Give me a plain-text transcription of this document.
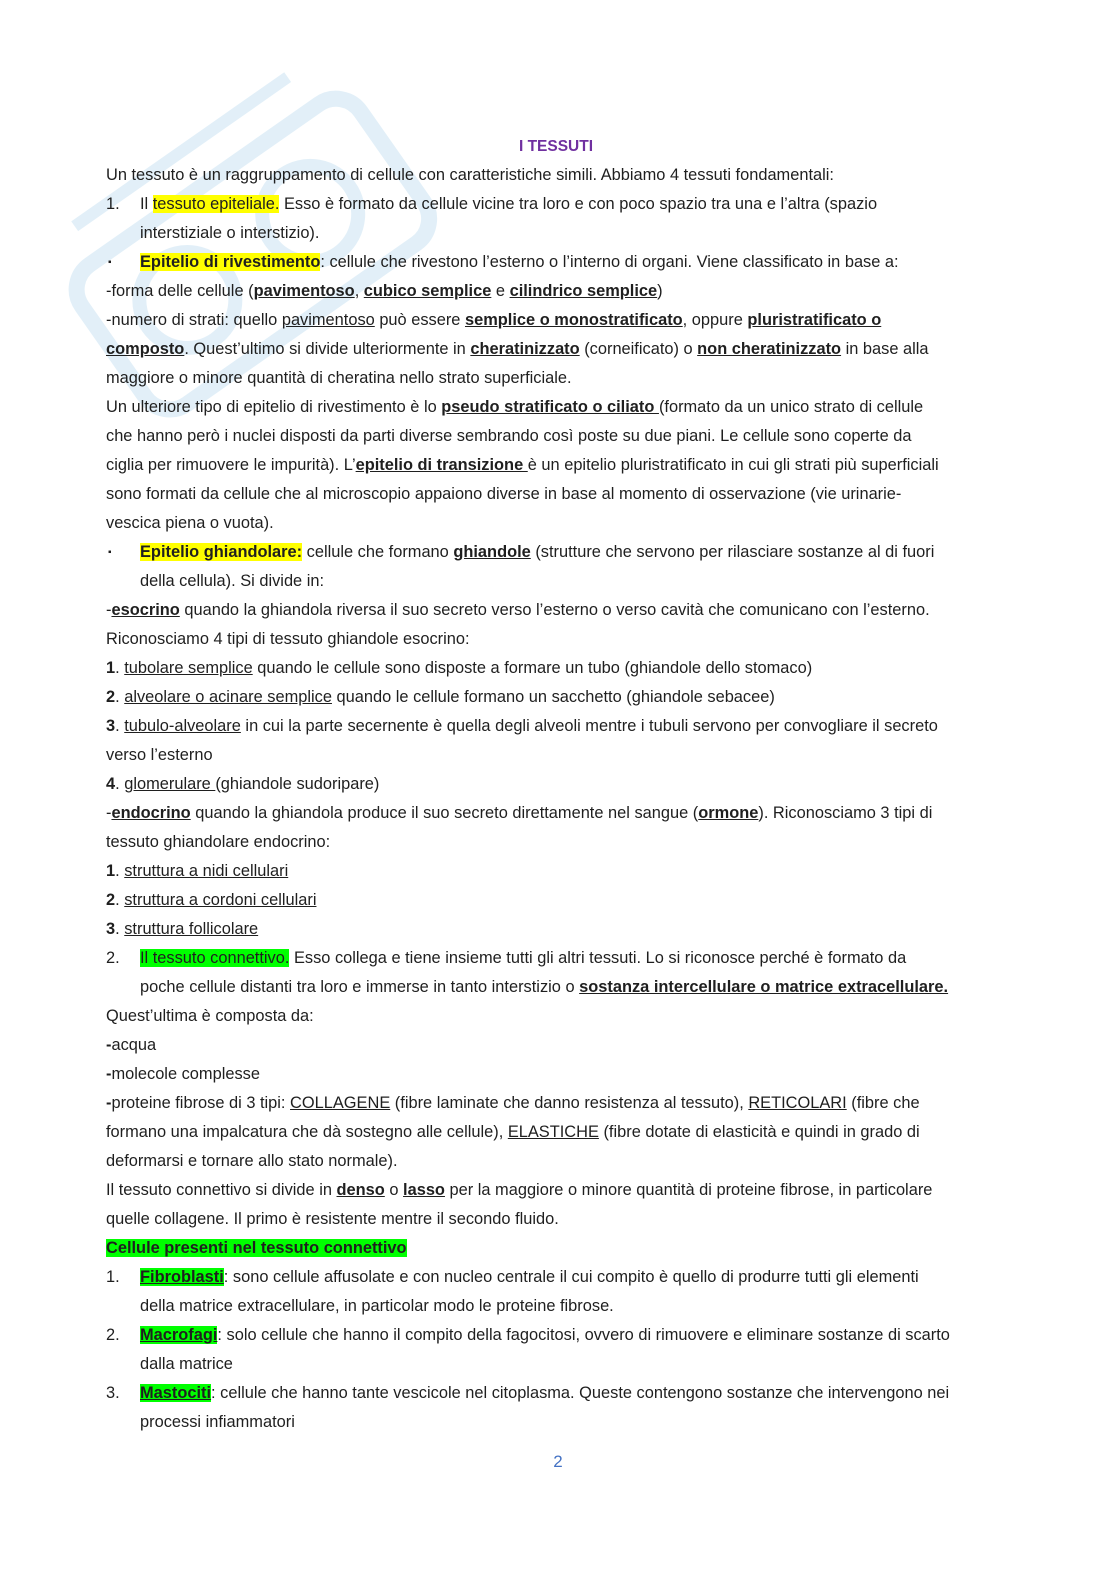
I TESSUTI
Un tessuto è un raggruppamento di cellule con caratteristiche simili. Abbiamo 4 tessuti fondamentali:
1. Il tessuto epiteliale. Esso è formato da cellule vicine tra loro e con poco spazio tra una e l’altra (spazio
interstiziale o interstizio).
▪ Epitelio di rivestimento: cellule che rivestono l’esterno o l’interno di organi. Viene classificato in base a:
-forma delle cellule (pavimentoso, cubico semplice e cilindrico semplice)
-numero di strati: quello pavimentoso può essere semplice o monostratificato, oppure pluristratificato o
composto. Quest’ultimo si divide ulteriormente in cheratinizzato (corneificato) o non cheratinizzato in base alla
maggiore o minore quantità di cheratina nello strato superficiale.
Un ulteriore tipo di epitelio di rivestimento è lo pseudo stratificato o ciliato (formato da un unico strato di cellule
che hanno però i nuclei disposti da parti diverse sembrando così poste su due piani. Le cellule sono coperte da
ciglia per rimuovere le impurità). L’epitelio di transizione è un epitelio pluristratificato in cui gli strati più superficiali
sono formati da cellule che al microscopio appaiono diverse in base al momento di osservazione (vie urinarie-
vescica piena o vuota).
▪ Epitelio ghiandolare: cellule che formano ghiandole (strutture che servono per rilasciare sostanze al di fuori
della cellula). Si divide in:
-esocrino quando la ghiandola riversa il suo secreto verso l’esterno o verso cavità che comunicano con l’esterno.
Riconosciamo 4 tipi di tessuto ghiandole esocrino:
1. tubolare semplice quando le cellule sono disposte a formare un tubo (ghiandole dello stomaco)
2. alveolare o acinare semplice quando le cellule formano un sacchetto (ghiandole sebacee)
3. tubulo-alveolare in cui la parte secernente è quella degli alveoli mentre i tubuli servono per convogliare il secreto
verso l’esterno
4. glomerulare (ghiandole sudoripare)
-endocrino quando la ghiandola produce il suo secreto direttamente nel sangue (ormone). Riconosciamo 3 tipi di
tessuto ghiandolare endocrino:
1. struttura a nidi cellulari
2. struttura a cordoni cellulari
3. struttura follicolare
2. Il tessuto connettivo. Esso collega e tiene insieme tutti gli altri tessuti. Lo si riconosce perché è formato da
poche cellule distanti tra loro e immerse in tanto interstizio o sostanza intercellulare o matrice extracellulare.
Quest’ultima è composta da:
-acqua
-molecole complesse
-proteine fibrose di 3 tipi: COLLAGENE (fibre laminate che danno resistenza al tessuto), RETICOLARI (fibre che
formano una impalcatura che dà sostegno alle cellule), ELASTICHE (fibre dotate di elasticità e quindi in grado di
deformarsi e tornare allo stato normale).
Il tessuto connettivo si divide in denso o lasso per la maggiore o minore quantità di proteine fibrose, in particolare
quelle collagene. Il primo è resistente mentre il secondo fluido.
Cellule presenti nel tessuto connettivo
1. Fibroblasti: sono cellule affusolate e con nucleo centrale il cui compito è quello di produrre tutti gli elementi
della matrice extracellulare, in particolar modo le proteine fibrose.
2. Macrofagi: solo cellule che hanno il compito della fagocitosi, ovvero di rimuovere e eliminare sostanze di scarto
dalla matrice
3. Mastociti: cellule che hanno tante vescicole nel citoplasma. Queste contengono sostanze che intervengono nei
processi infiammatori
2
